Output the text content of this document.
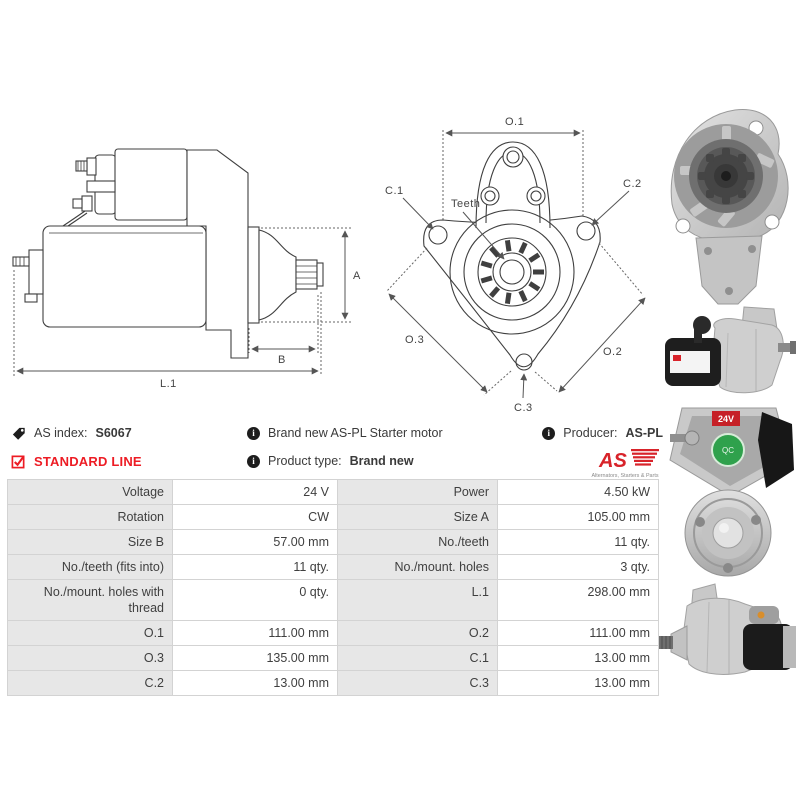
A
B
L.1
O.1
C.1
C.2
Teeth
O.3
O.2
C.3
24V
QC
AS index: S6067
STANDARD LINE
i	Brand new AS-PL Starter motor
i	Product type: Brand new
i	Producer: AS-PL
AS
Alternators, Starters & Parts
Voltage	24 V	Power	4.50 kW
Rotation	CW	Size A	105.00 mm
Size B	57.00 mm	No./teeth	11 qty.
No./teeth (fits into)	11 qty.	No./mount. holes	3 qty.
No./mount. holes with thread	0 qty.	L.1	298.00 mm
O.1	111.00 mm	O.2	111.00 mm
O.3	135.00 mm	C.1	13.00 mm
C.2	13.00 mm	C.3	13.00 mm
